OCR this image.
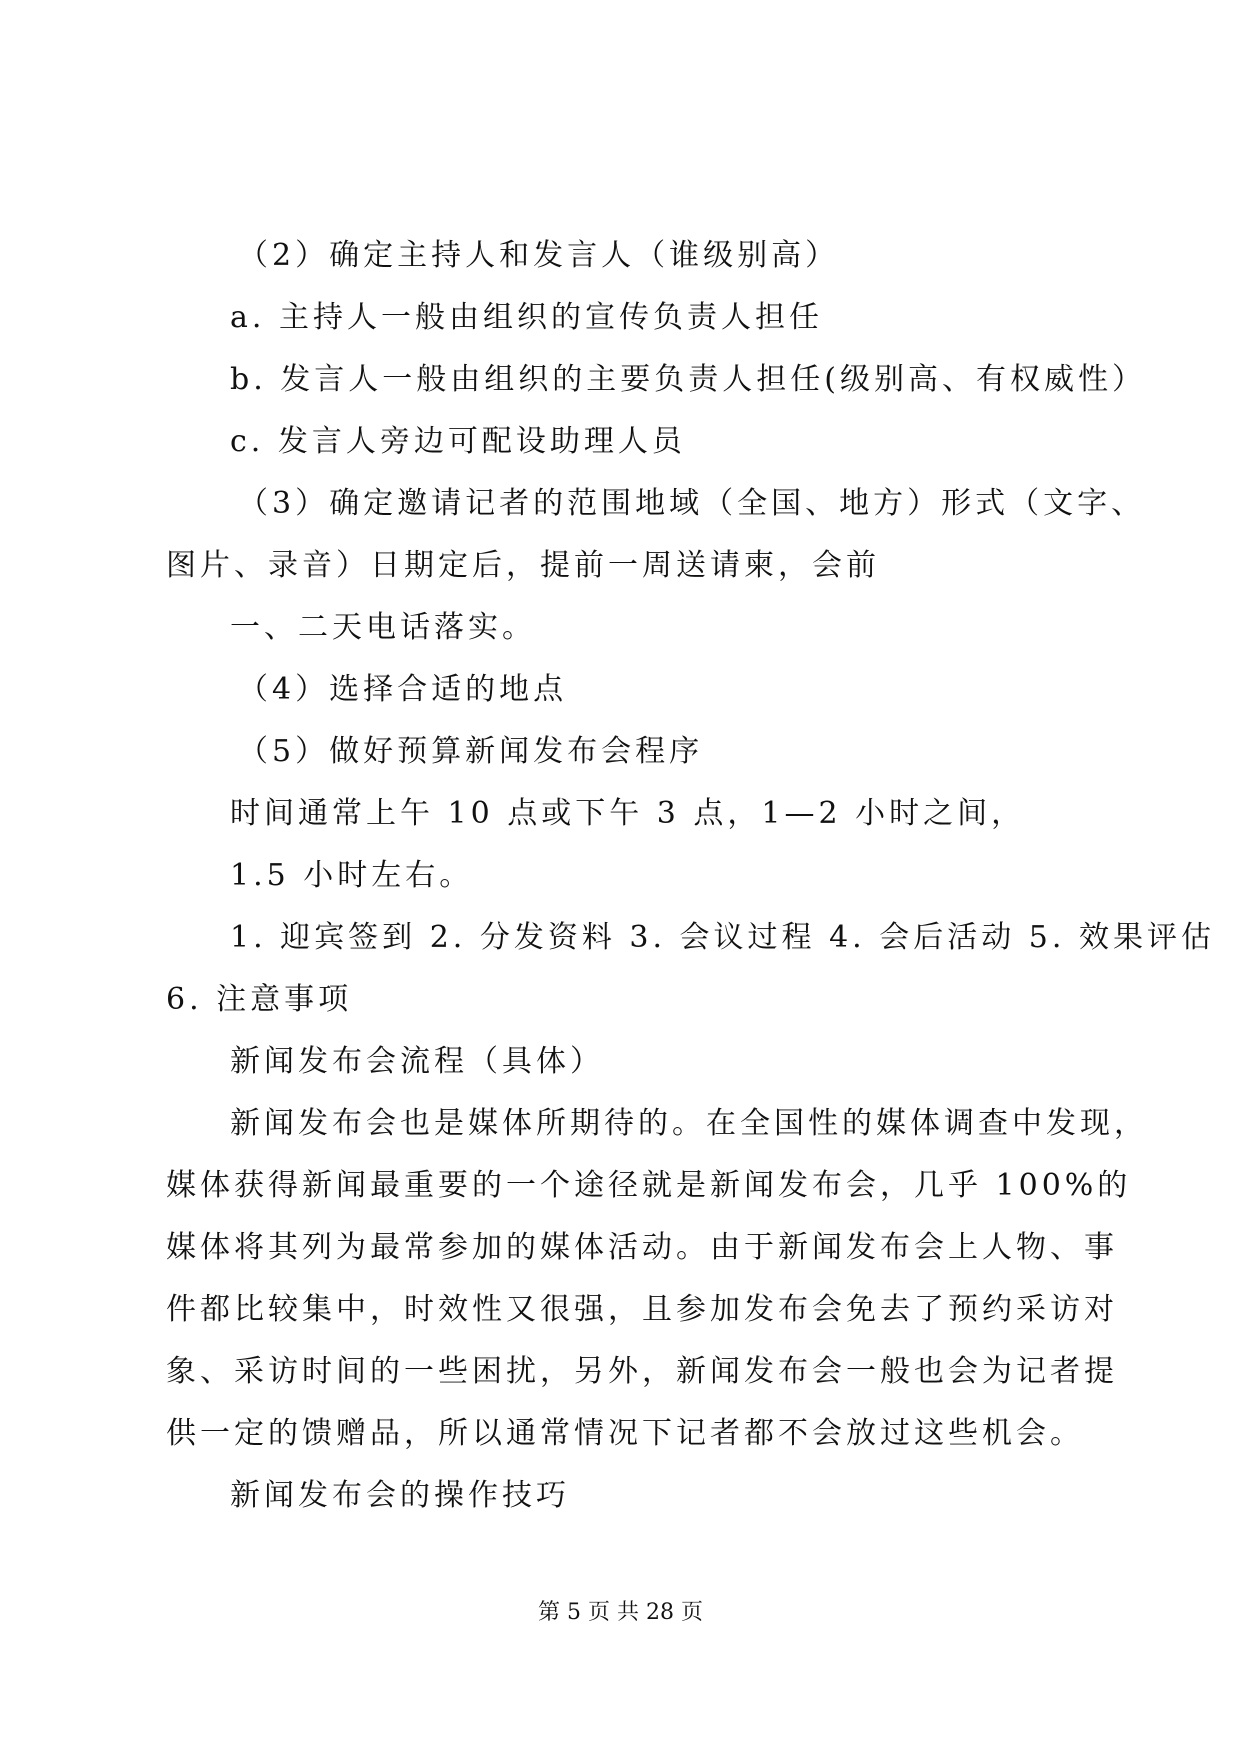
（2）确定主持人和发言人（谁级别高）
a. 主持人一般由组织的宣传负责人担任
b. 发言人一般由组织的主要负责人担任(级别高、有权威性）
c. 发言人旁边可配设助理人员
（3）确定邀请记者的范围地域（全国、地方）形式（文字、
图片、录音）日期定后，提前一周送请柬，会前
一、二天电话落实。
（4）选择合适的地点
（5）做好预算新闻发布会程序
时间通常上午 10 点或下午 3 点，1—2 小时之间，
1.5 小时左右。
1. 迎宾签到 2. 分发资料 3. 会议过程 4. 会后活动 5. 效果评估
6. 注意事项
新闻发布会流程（具体）
新闻发布会也是媒体所期待的。在全国性的媒体调查中发现，
媒体获得新闻最重要的一个途径就是新闻发布会，几乎 100%的
媒体将其列为最常参加的媒体活动。由于新闻发布会上人物、事
件都比较集中，时效性又很强，且参加发布会免去了预约采访对
象、采访时间的一些困扰，另外，新闻发布会一般也会为记者提
供一定的馈赠品，所以通常情况下记者都不会放过这些机会。
新闻发布会的操作技巧
第 5 页 共 28 页
